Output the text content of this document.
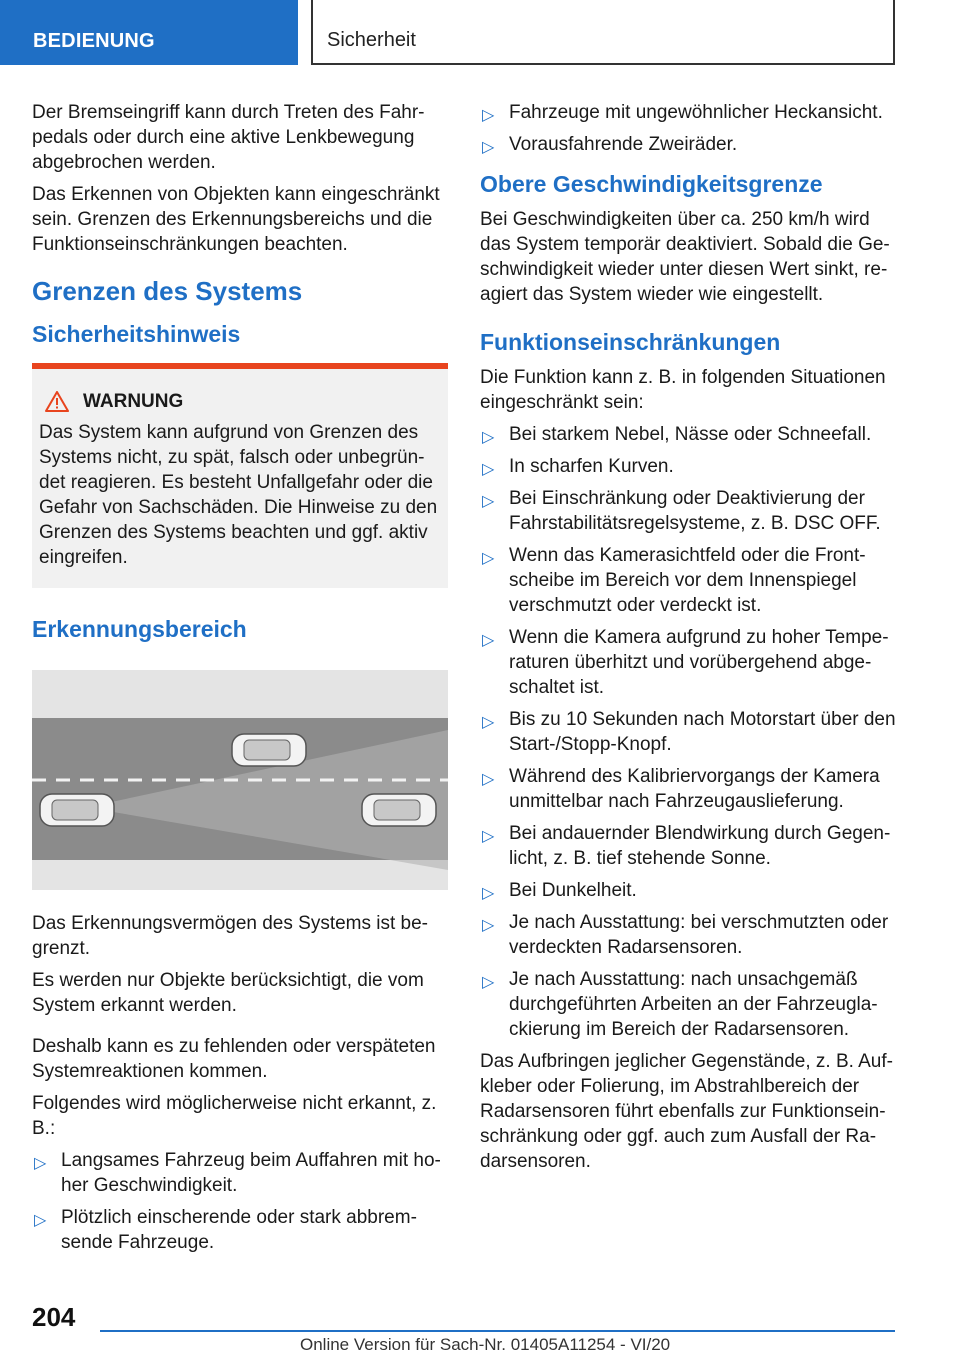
BEDIENUNG	Sicherheit

Der Bremseingriff kann durch Treten des Fahr-pedals oder durch eine aktive Lenkbewegung abgebrochen werden.

Das Erkennen von Objekten kann eingeschränkt sein. Grenzen des Erkennungsbereichs und die Funktionseinschränkungen beachten.

Grenzen des Systems
Sicherheitshinweis
WARNUNG
Das System kann aufgrund von Grenzen des Systems nicht, zu spät, falsch oder unbegrün-det reagieren. Es besteht Unfallgefahr oder die Gefahr von Sachschäden. Die Hinweise zu den Grenzen des Systems beachten und ggf. aktiv eingreifen.
Erkennungsbereich

Das Erkennungsvermögen des Systems ist be-grenzt.

Es werden nur Objekte berücksichtigt, die vom System erkannt werden.

Deshalb kann es zu fehlenden oder verspäteten Systemreaktionen kommen.

Folgendes wird möglicherweise nicht erkannt, z. B.:

▷ Langsames Fahrzeug beim Auffahren mit ho-her Geschwindigkeit.
▷ Plötzlich einscherende oder stark abbrem-sende Fahrzeuge.
▷ Fahrzeuge mit ungewöhnlicher Heckansicht.
▷ Vorausfahrende Zweiräder.
Obere Geschwindigkeitsgrenze

Bei Geschwindigkeiten über ca. 250 km/h wird das System temporär deaktiviert. Sobald die Ge-schwindigkeit wieder unter diesen Wert sinkt, re-agiert das System wieder wie eingestellt.

Funktionseinschränkungen

Die Funktion kann z. B. in folgenden Situationen eingeschränkt sein:

▷ Bei starkem Nebel, Nässe oder Schneefall.
▷ In scharfen Kurven.
▷ Bei Einschränkung oder Deaktivierung der Fahrstabilitätsregelsysteme, z. B. DSC OFF.
▷ Wenn das Kamerasichtfeld oder die Front-scheibe im Bereich vor dem Innenspiegel verschmutzt oder verdeckt ist.
▷ Wenn die Kamera aufgrund zu hoher Tempe-raturen überhitzt und vorübergehend abge-schaltet ist.
▷ Bis zu 10 Sekunden nach Motorstart über den Start-/Stopp-Knopf.
▷ Während des Kalibriervorgangs der Kamera unmittelbar nach Fahrzeugauslieferung.
▷ Bei andauernder Blendwirkung durch Gegen-licht, z. B. tief stehende Sonne.
▷ Bei Dunkelheit.
▷ Je nach Ausstattung: bei verschmutzten oder verdeckten Radarsensoren.
▷ Je nach Ausstattung: nach unsachgemäß durchgeführten Arbeiten an der Fahrzeugla-ckierung im Bereich der Radarsensoren.

Das Aufbringen jeglicher Gegenstände, z. B. Auf-kleber oder Folierung, im Abstrahlbereich der Radarsensoren führt ebenfalls zur Funktionsein-schränkung oder ggf. auch zum Ausfall der Ra-darsensoren.

204
Online Version für Sach-Nr. 01405A11254 - VI/20
